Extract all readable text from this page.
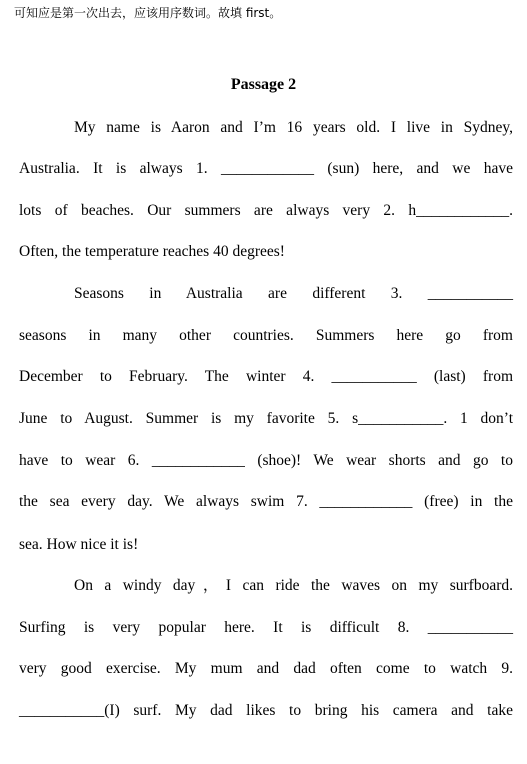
可知应是第一次出去，应该用序数词。故填 first。
Passage 2
My name is Aaron and I’m 16 years old. I live in Sydney,
Australia. It is always 1. ____________ (sun) here, and we have
lots of beaches. Our summers are always very 2. h____________.
Often, the temperature reaches 40 degrees!
Seasons in Australia are different 3. ___________
seasons in many other countries. Summers here go from
December to February. The winter 4. ___________ (last) from
June to August. Summer is my favorite 5. s___________. 1 don’t
have to wear 6. ____________ (shoe)! We wear shorts and go to
the sea every day. We always swim 7. ____________ (free) in the
sea. How nice it is!
On a windy day，I can ride the waves on my surfboard.
Surfing is very popular here. It is difficult 8. ___________
very good exercise. My mum and dad often come to watch 9.
___________(I) surf. My dad likes to bring his camera and take
